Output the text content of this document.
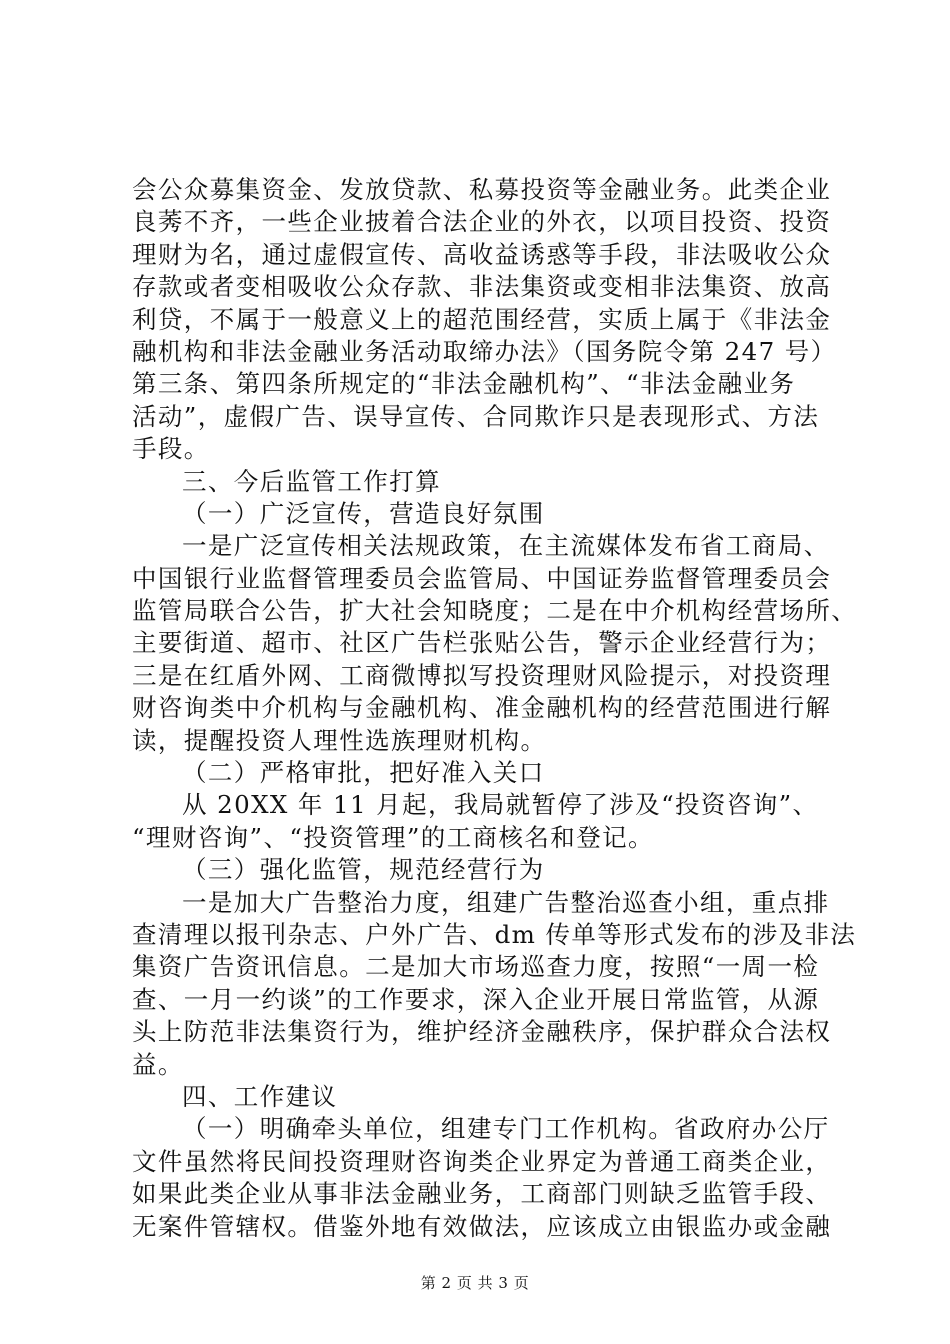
会公众募集资金、发放贷款、私募投资等金融业务。此类企业
良莠不齐，一些企业披着合法企业的外衣，以项目投资、投资
理财为名，通过虚假宣传、高收益诱惑等手段，非法吸收公众
存款或者变相吸收公众存款、非法集资或变相非法集资、放高
利贷，不属于一般意义上的超范围经营，实质上属于《非法金
融机构和非法金融业务活动取缔办法》（国务院令第 247 号）
第三条、第四条所规定的“非法金融机构”、“非法金融业务
活动”，虚假广告、误导宣传、合同欺诈只是表现形式、方法
手段。
三、今后监管工作打算
（一）广泛宣传，营造良好氛围
一是广泛宣传相关法规政策，在主流媒体发布省工商局、
中国银行业监督管理委员会监管局、中国证券监督管理委员会
监管局联合公告，扩大社会知晓度；二是在中介机构经营场所、
主要街道、超市、社区广告栏张贴公告，警示企业经营行为；
三是在红盾外网、工商微博拟写投资理财风险提示，对投资理
财咨询类中介机构与金融机构、准金融机构的经营范围进行解
读，提醒投资人理性选族理财机构。
（二）严格审批，把好准入关口
从 20XX 年 11 月起，我局就暂停了涉及“投资咨询”、
“理财咨询”、“投资管理”的工商核名和登记。
（三）强化监管，规范经营行为
一是加大广告整治力度，组建广告整治巡查小组，重点排
查清理以报刊杂志、户外广告、dm 传单等形式发布的涉及非法
集资广告资讯信息。二是加大市场巡查力度，按照“一周一检
查、一月一约谈”的工作要求，深入企业开展日常监管，从源
头上防范非法集资行为，维护经济金融秩序，保护群众合法权
益。
四、工作建议
（一）明确牵头单位，组建专门工作机构。省政府办公厅
文件虽然将民间投资理财咨询类企业界定为普通工商类企业，
如果此类企业从事非法金融业务，工商部门则缺乏监管手段、
无案件管辖权。借鉴外地有效做法，应该成立由银监办或金融
第 2 页 共 3 页
